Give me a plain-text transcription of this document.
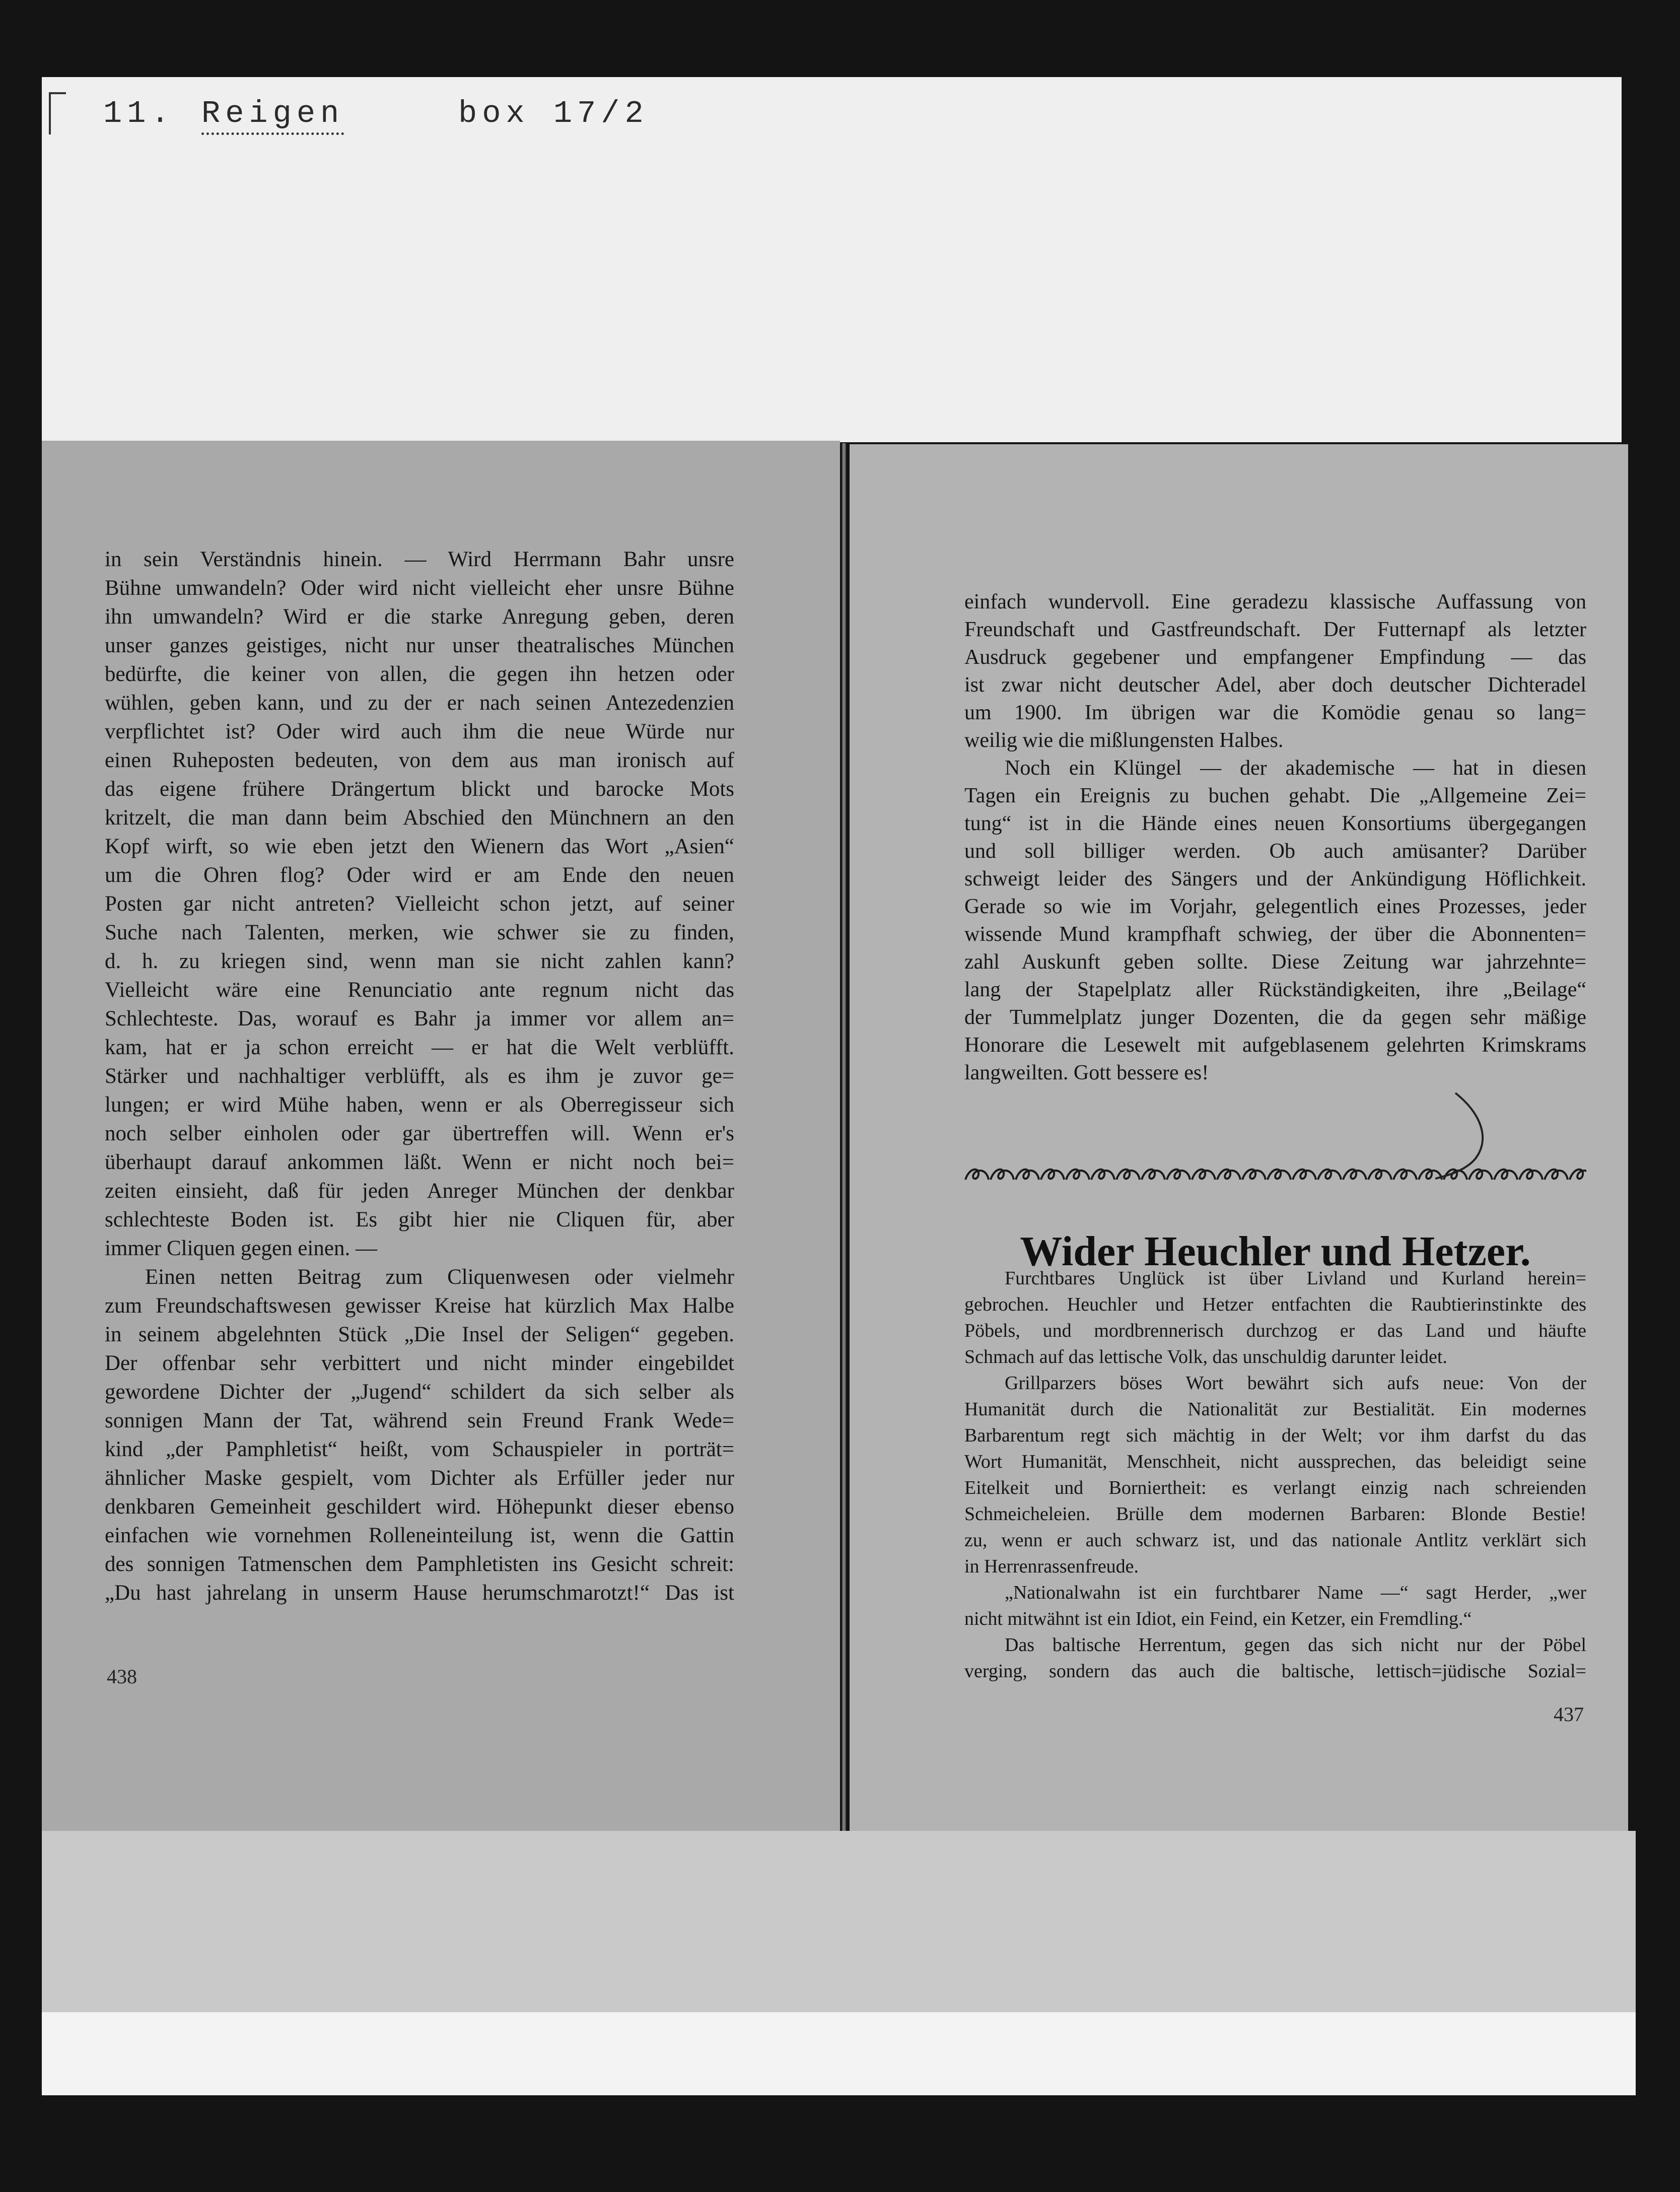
11. Reigen	box 17/2
in sein Verständnis hinein. — Wird Herrmann Bahr unsre
Bühne umwandeln? Oder wird nicht vielleicht eher unsre Bühne
ihn umwandeln? Wird er die starke Anregung geben, deren
unser ganzes geistiges, nicht nur unser theatralisches München
bedürfte, die keiner von allen, die gegen ihn hetzen oder
wühlen, geben kann, und zu der er nach seinen Antezedenzien
verpflichtet ist? Oder wird auch ihm die neue Würde nur
einen Ruheposten bedeuten, von dem aus man ironisch auf
das eigene frühere Drängertum blickt und barocke Mots
kritzelt, die man dann beim Abschied den Münchnern an den
Kopf wirft, so wie eben jetzt den Wienern das Wort „Asien“
um die Ohren flog? Oder wird er am Ende den neuen
Posten gar nicht antreten? Vielleicht schon jetzt, auf seiner
Suche nach Talenten, merken, wie schwer sie zu finden,
d. h. zu kriegen sind, wenn man sie nicht zahlen kann?
Vielleicht wäre eine Renunciatio ante regnum nicht das
Schlechteste. Das, worauf es Bahr ja immer vor allem an=
kam, hat er ja schon erreicht — er hat die Welt verblüfft.
Stärker und nachhaltiger verblüfft, als es ihm je zuvor ge=
lungen; er wird Mühe haben, wenn er als Oberregisseur sich
noch selber einholen oder gar übertreffen will. Wenn er's
überhaupt darauf ankommen läßt. Wenn er nicht noch bei=
zeiten einsieht, daß für jeden Anreger München der denkbar
schlechteste Boden ist. Es gibt hier nie Cliquen für, aber
immer Cliquen gegen einen. —
Einen netten Beitrag zum Cliquenwesen oder vielmehr
zum Freundschaftswesen gewisser Kreise hat kürzlich Max Halbe
in seinem abgelehnten Stück „Die Insel der Seligen“ gegeben.
Der offenbar sehr verbittert und nicht minder eingebildet
gewordene Dichter der „Jugend“ schildert da sich selber als
sonnigen Mann der Tat, während sein Freund Frank Wede=
kind „der Pamphletist“ heißt, vom Schauspieler in porträt=
ähnlicher Maske gespielt, vom Dichter als Erfüller jeder nur
denkbaren Gemeinheit geschildert wird. Höhepunkt dieser ebenso
einfachen wie vornehmen Rolleneinteilung ist, wenn die Gattin
des sonnigen Tatmenschen dem Pamphletisten ins Gesicht schreit:
„Du hast jahrelang in unserm Hause herumschmarotzt!“ Das ist
einfach wundervoll. Eine geradezu klassische Auffassung von
Freundschaft und Gastfreundschaft. Der Futternapf als letzter
Ausdruck gegebener und empfangener Empfindung — das
ist zwar nicht deutscher Adel, aber doch deutscher Dichteradel
um 1900. Im übrigen war die Komödie genau so lang=
weilig wie die mißlungensten Halbes.
Noch ein Klüngel — der akademische — hat in diesen
Tagen ein Ereignis zu buchen gehabt. Die „Allgemeine Zei=
tung“ ist in die Hände eines neuen Konsortiums übergegangen
und soll billiger werden. Ob auch amüsanter? Darüber
schweigt leider des Sängers und der Ankündigung Höflichkeit.
Gerade so wie im Vorjahr, gelegentlich eines Prozesses, jeder
wissende Mund krampfhaft schwieg, der über die Abonnenten=
zahl Auskunft geben sollte. Diese Zeitung war jahrzehnte=
lang der Stapelplatz aller Rückständigkeiten, ihre „Beilage“
der Tummelplatz junger Dozenten, die da gegen sehr mäßige
Honorare die Lesewelt mit aufgeblasenem gelehrten Krimskrams
langweilten. Gott bessere es!
Wider Heuchler und Hetzer.
Furchtbares Unglück ist über Livland und Kurland herein=
gebrochen. Heuchler und Hetzer entfachten die Raubtierinstinkte des
Pöbels, und mordbrennerisch durchzog er das Land und häufte
Schmach auf das lettische Volk, das unschuldig darunter leidet.
Grillparzers böses Wort bewährt sich aufs neue: Von der
Humanität durch die Nationalität zur Bestialität. Ein modernes
Barbarentum regt sich mächtig in der Welt; vor ihm darfst du das
Wort Humanität, Menschheit, nicht aussprechen, das beleidigt seine
Eitelkeit und Borniertheit: es verlangt einzig nach schreienden
Schmeicheleien. Brülle dem modernen Barbaren: Blonde Bestie!
zu, wenn er auch schwarz ist, und das nationale Antlitz verklärt sich
in Herrenrassenfreude.
„Nationalwahn ist ein furchtbarer Name —“ sagt Herder, „wer
nicht mitwähnt ist ein Idiot, ein Feind, ein Ketzer, ein Fremdling.“
Das baltische Herrentum, gegen das sich nicht nur der Pöbel
verging, sondern das auch die baltische, lettisch=jüdische Sozial=
438
437
